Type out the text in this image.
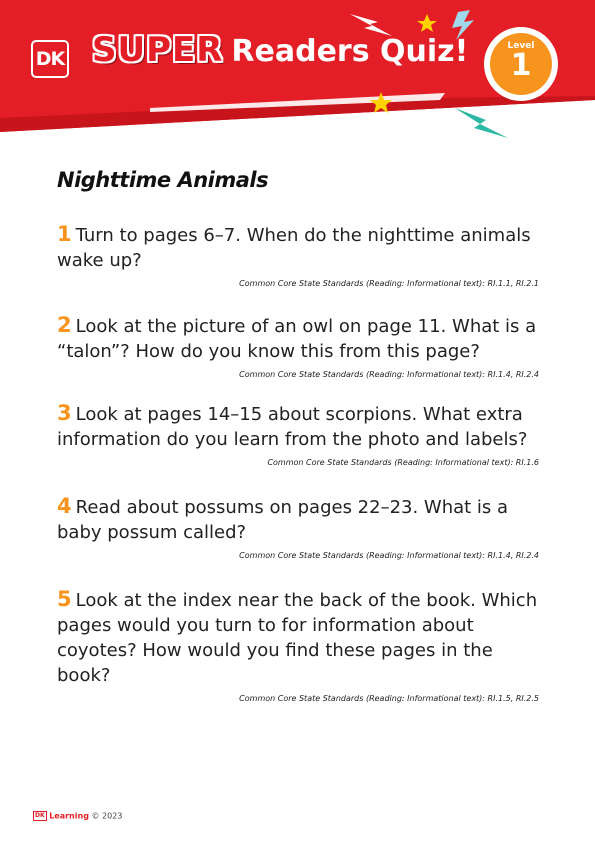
DK SUPER Readers Quiz!	Level
1
Nighttime Animals

1 Turn to pages 6–7. When do the nighttime animals wake up?

Common Core State Standards (Reading: Informational text): RI.1.1, RI.2.1

2 Look at the picture of an owl on page 11. What is a “talon”? How do you know this from this page?

Common Core State Standards (Reading: Informational text): RI.1.4, RI.2.4

3 Look at pages 14–15 about scorpions. What extra information do you learn from the photo and labels?

Common Core State Standards (Reading: Informational text): RI.1.6

4 Read about possums on pages 22–23. What is a baby possum called?

Common Core State Standards (Reading: Informational text): RI.1.4, RI.2.4

5 Look at the index near the back of the book. Which pages would you turn to for information about coyotes? How would you find these pages in the book?

Common Core State Standards (Reading: Informational text): RI.1.5, RI.2.5
DK Learning © 2023
